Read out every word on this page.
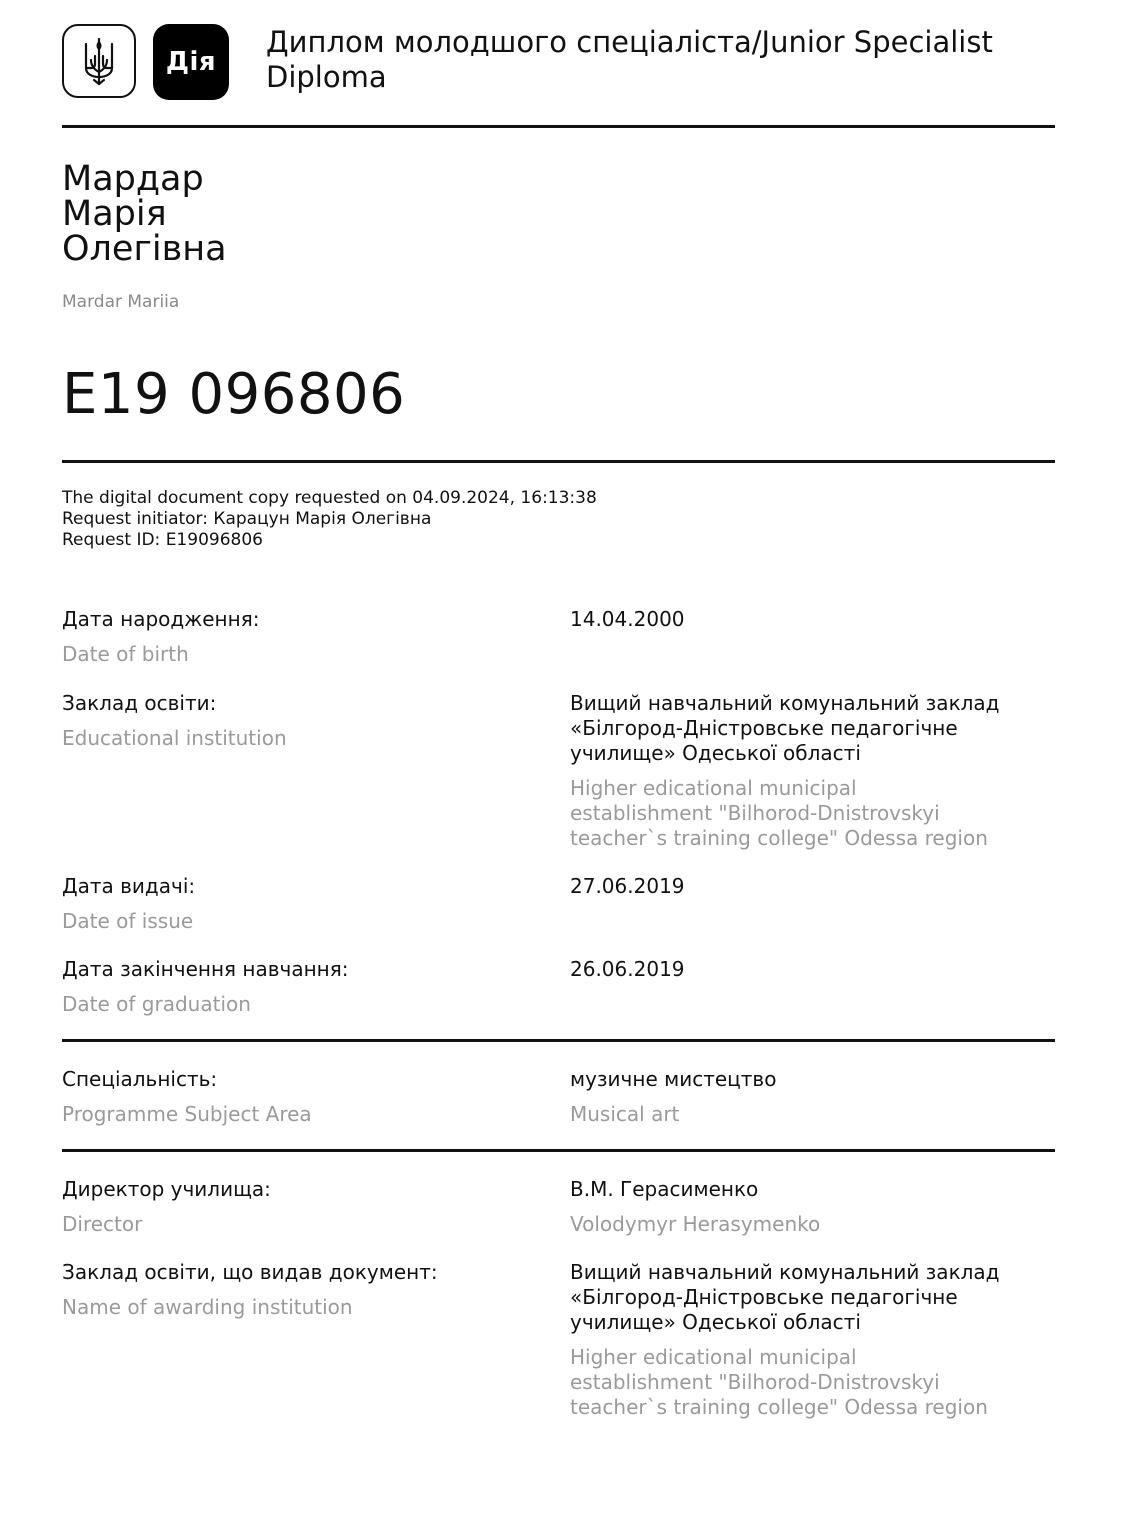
Дія
Диплом молодшого спеціаліста/Junior Specialist
Diploma
Мардар
Марія
Олегівна
Mardar Mariia
E19 096806
The digital document copy requested on 04.09.2024, 16:13:38
Request initiator: Карацун Марія Олегівна
Request ID: E19096806
Дата народження:
Date of birth
14.04.2000
Заклад освіти:
Educational institution
Вищий навчальний комунальний заклад
«Білгород-Дністровське педагогічне
училище» Одеської області
Higher edicational municipal
establishment "Bilhorod-Dnistrovskyi
teacher`s training college" Odessa region
Дата видачі:
Date of issue
27.06.2019
Дата закінчення навчання:
Date of graduation
26.06.2019
Спеціальність:
Programme Subject Area
музичне мистецтво
Musical art
Директор училища:
Director
В.М. Герасименко
Volodymyr Herasymenko
Заклад освіти, що видав документ:
Name of awarding institution
Вищий навчальний комунальний заклад
«Білгород-Дністровське педагогічне
училище» Одеської області
Higher edicational municipal
establishment "Bilhorod-Dnistrovskyi
teacher`s training college" Odessa region
